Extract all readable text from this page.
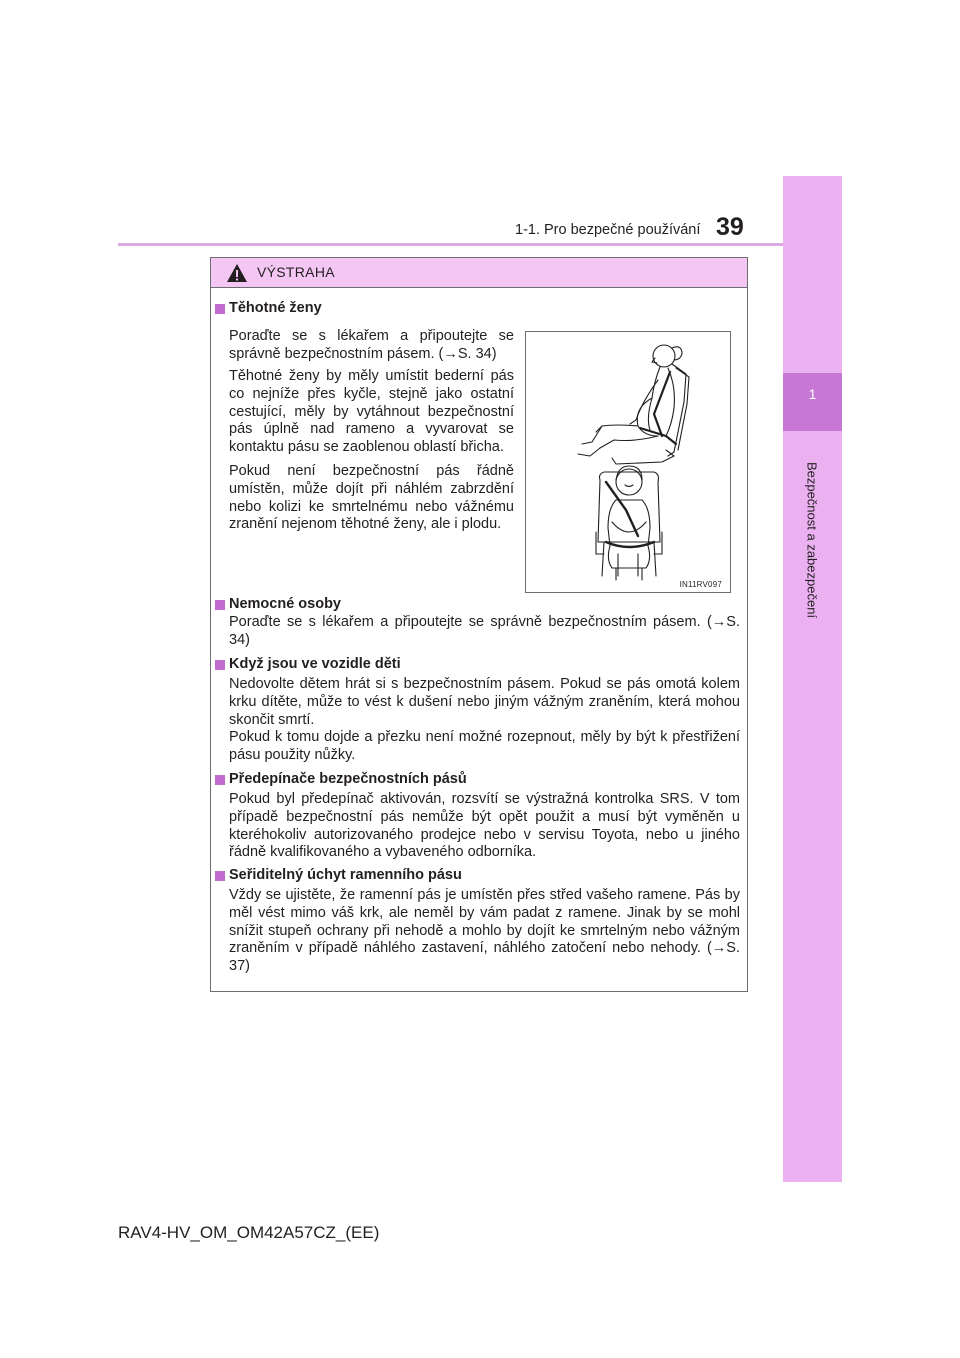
1-1. Pro bezpečné používání 39
1
Bezpečnost a zabezpečení
VÝSTRAHA
Těhotné ženy

Poraďte se s lékařem a připoutejte se správně bezpečnostním pásem. (→S. 34)

Těhotné ženy by měly umístit bederní pás co nejníže přes kyčle, stejně jako ostatní cestující, měly by vytáhnout bezpečnostní pás úplně nad rameno a vyvarovat se kontaktu pásu se zaoblenou oblastí břicha.

Pokud není bezpečnostní pás řádně umístěn, může dojít při náhlém zabrzdění nebo kolizi ke smrtelnému nebo vážnému zranění nejenom těhotné ženy, ale i plodu.

IN11RV097
Nemocné osoby

Poraďte se s lékařem a připoutejte se správně bezpečnostním pásem. (→S. 34)

Když jsou ve vozidle děti

Nedovolte dětem hrát si s bezpečnostním pásem. Pokud se pás omotá kolem krku dítěte, může to vést k dušení nebo jiným vážným zraněním, která mohou skončit smrtí.

Pokud k tomu dojde a přezku není možné rozepnout, měly by být k přestřižení pásu použity nůžky.

Předepínače bezpečnostních pásů

Pokud byl předepínač aktivován, rozsvítí se výstražná kontrolka SRS. V tom případě bezpečnostní pás nemůže být opět použit a musí být vyměněn u kteréhokoliv autorizovaného prodejce nebo v servisu Toyota, nebo u jiného řádně kvalifikovaného a vybaveného odborníka.

Seřiditelný úchyt ramenního pásu

Vždy se ujistěte, že ramenní pás je umístěn přes střed vašeho ramene. Pás by měl vést mimo váš krk, ale neměl by vám padat z ramene. Jinak by se mohl snížit stupeň ochrany při nehodě a mohlo by dojít ke smrtelným nebo vážným zraněním v případě náhlého zastavení, náhlého zatočení nebo nehody. (→S. 37)

RAV4-HV_OM_OM42A57CZ_(EE)
